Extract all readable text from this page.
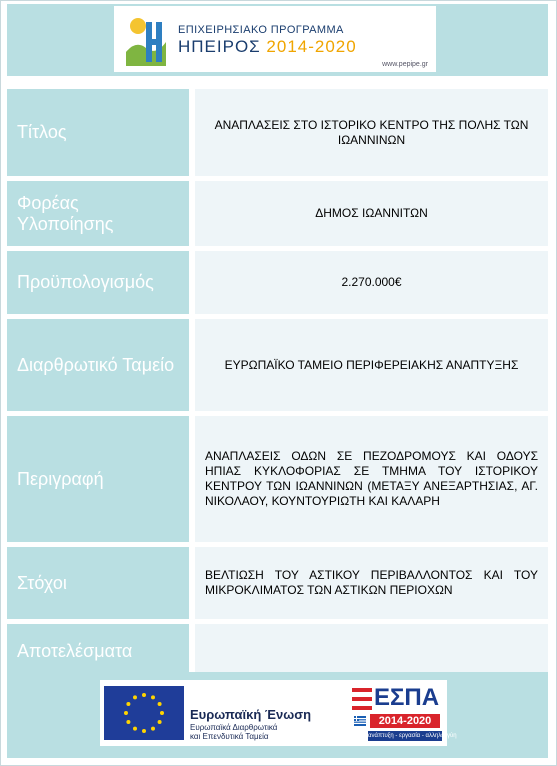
ΕΠΙΧΕΙΡΗΣΙΑΚΟ ΠΡΟΓΡΑΜΜΑ
ΗΠΕΙΡΟΣ 2014-2020
www.pepipe.gr
Τίτλος	ΑΝΑΠΛΑΣΕΙΣ ΣΤΟ ΙΣΤΟΡΙΚΟ ΚΕΝΤΡΟ ΤΗΣ ΠΟΛΗΣ ΤΩΝ ΙΩΑΝΝΙΝΩΝ
Φορέας Υλοποίησης	ΔΗΜΟΣ ΙΩΑΝΝΙΤΩΝ
Προϋπολογισμός	2.270.000€
Διαρθρωτικό Ταμείο	ΕΥΡΩΠΑΪΚΟ ΤΑΜΕΙΟ ΠΕΡΙΦΕΡΕΙΑΚΗΣ ΑΝΑΠΤΥΞΗΣ
Περιγραφή	ΑΝΑΠΛΑΣΕΙΣ ΟΔΩΝ ΣΕ ΠΕΖΟΔΡΟΜΟΥΣ ΚΑΙ ΟΔΟΥΣ ΗΠΙΑΣ ΚΥΚΛΟΦΟΡΙΑΣ ΣΕ ΤΜΗΜΑ ΤΟΥ ΙΣΤΟΡΙΚΟΥ ΚΕΝΤΡΟΥ ΤΩΝ ΙΩΑΝΝΙΝΩΝ (ΜΕΤΑΞΥ ΑΝΕΞΑΡΤΗΣΙΑΣ, ΑΓ. ΝΙΚΟΛΑΟΥ, ΚΟΥΝΤΟΥΡΙΩΤΗ ΚΑΙ ΚΑΛΑΡΗ
Στόχοι	ΒΕΛΤΙΩΣΗ ΤΟΥ ΑΣΤΙΚΟΥ ΠΕΡΙΒΑΛΛΟΝΤΟΣ ΚΑΙ ΤΟΥ ΜΙΚΡΟΚΛΙΜΑΤΟΣ ΤΩΝ ΑΣΤΙΚΩΝ ΠΕΡΙΟΧΩΝ
Αποτελέσματα	
Ευρωπαϊκή Ένωση
Ευρωπαϊκά Διαρθρωτικά
και Επενδυτικά Ταμεία
ΕΣΠΑ
2014-2020
ανάπτυξη - εργασία - αλληλεγγύη
